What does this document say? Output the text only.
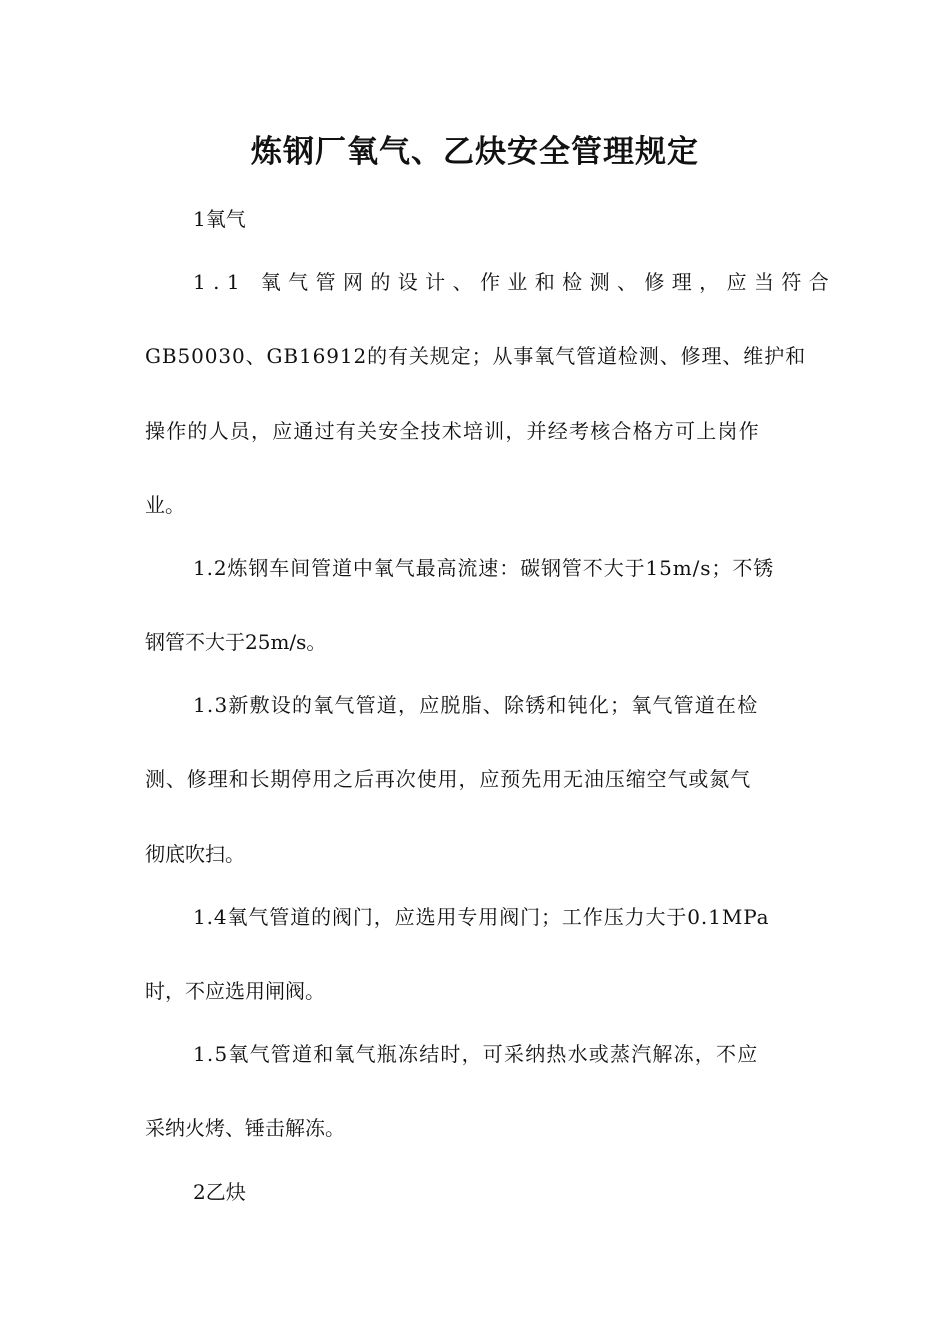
炼钢厂氧气、乙炔安全管理规定

1氧气

1.1 氧气管网的设计、作业和检测、修理，应当符合

GB50030、GB16912的有关规定；从事氧气管道检测、修理、维护和

操作的人员，应通过有关安全技术培训，并经考核合格方可上岗作

业。

1.2炼钢车间管道中氧气最高流速：碳钢管不大于15m/s；不锈

钢管不大于25m/s。

1.3新敷设的氧气管道，应脱脂、除锈和钝化；氧气管道在检

测、修理和长期停用之后再次使用，应预先用无油压缩空气或氮气

彻底吹扫。

1.4氧气管道的阀门，应选用专用阀门；工作压力大于0.1MPa

时，不应选用闸阀。

1.5氧气管道和氧气瓶冻结时，可采纳热水或蒸汽解冻，不应

采纳火烤、锤击解冻。

2乙炔
